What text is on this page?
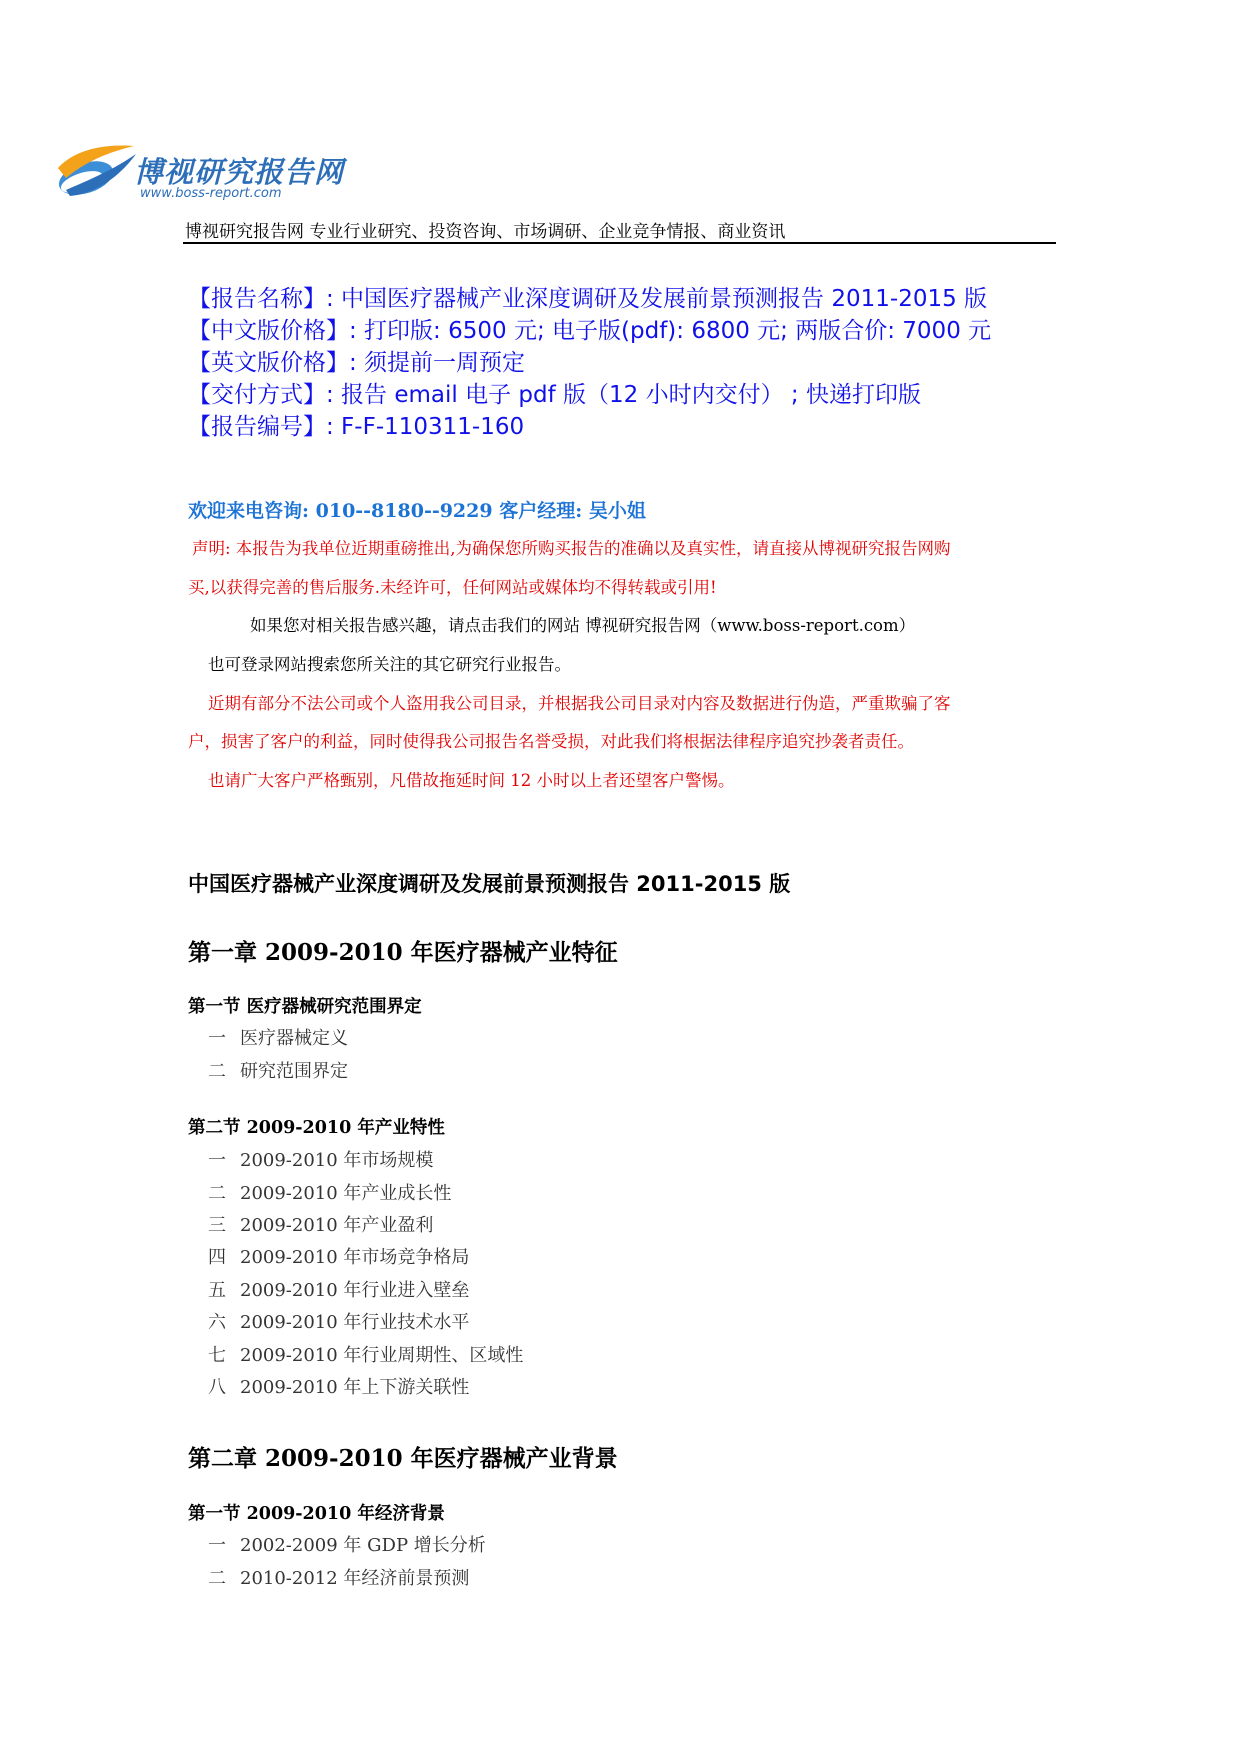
博视研究报告网
www.boss-report.com
博视研究报告网 专业行业研究、投资咨询、市场调研、企业竞争情报、商业资讯
【报告名称】: 中国医疗器械产业深度调研及发展前景预测报告 2011-2015 版
【中文版价格】: 打印版: 6500 元; 电子版(pdf): 6800 元; 两版合价: 7000 元
【英文版价格】: 须提前一周预定
【交付方式】: 报告 email 电子 pdf 版（12 小时内交付） ; 快递打印版
【报告编号】: F-F-110311-160
欢迎来电咨询: 010--8180--9229 客户经理: 吴小姐
声明: 本报告为我单位近期重磅推出,为确保您所购买报告的准确以及真实性，请直接从博视研究报告网购
买,以获得完善的售后服务.未经许可，任何网站或媒体均不得转载或引用!
如果您对相关报告感兴趣，请点击我们的网站 博视研究报告网（www.boss-report.com）
也可登录网站搜索您所关注的其它研究行业报告。
近期有部分不法公司或个人盗用我公司目录，并根据我公司目录对内容及数据进行伪造，严重欺骗了客
户，损害了客户的利益，同时使得我公司报告名誉受损，对此我们将根据法律程序追究抄袭者责任。
也请广大客户严格甄别，凡借故拖延时间 12 小时以上者还望客户警惕。
中国医疗器械产业深度调研及发展前景预测报告 2011-2015 版
第一章 2009-2010 年医疗器械产业特征
第一节 医疗器械研究范围界定
一 医疗器械定义
二 研究范围界定
第二节 2009-2010 年产业特性
一 2009-2010 年市场规模
二 2009-2010 年产业成长性
三 2009-2010 年产业盈利
四 2009-2010 年市场竞争格局
五 2009-2010 年行业进入壁垒
六 2009-2010 年行业技术水平
七 2009-2010 年行业周期性、区域性
八 2009-2010 年上下游关联性
第二章 2009-2010 年医疗器械产业背景
第一节 2009-2010 年经济背景
一 2002-2009 年 GDP 增长分析
二 2010-2012 年经济前景预测
